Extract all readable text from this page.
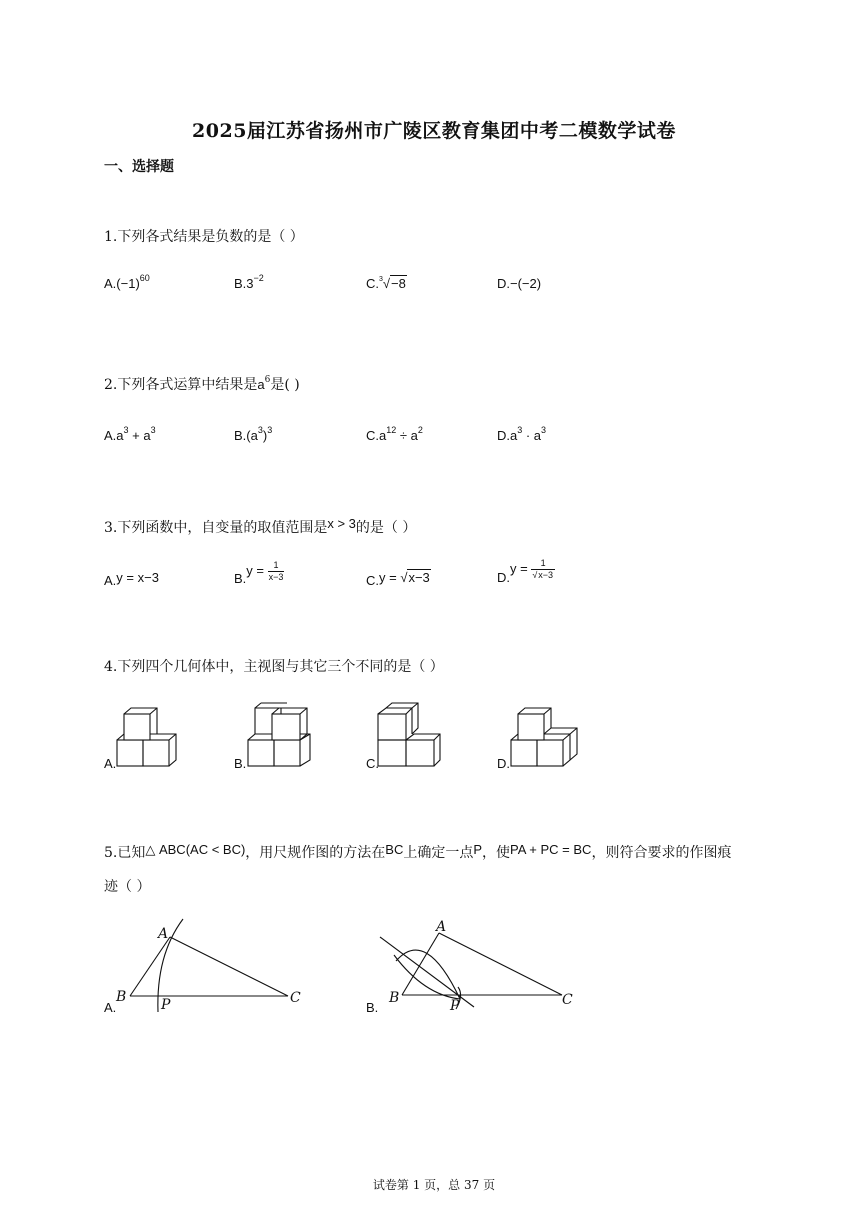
2025届江苏省扬州市广陵区教育集团中考二模数学试卷
一、选择题
1.下列各式结果是负数的是（ ）
$A.(-1)^{60}$	$B.3^{-2}$	C.$^3$√−8	D.−(−2)
2.下列各式运算中结果是$a^6$是( )
$A.a^3 + a^3$	$B.(a^3)^3$	$C.a^{12} \div a^2$	$D.a^3 \cdot a^3$
3.下列函数中，自变量的取值范围是x > 3的是（ ）
A.y = x−3	$B.y = \frac{1}{x-3}$	C.y = √x−3	$D.y = \frac{1}{√x-3}$
4.下列四个几何体中，主视图与其它三个不同的是（ ）
A.	B.	C.	D.
5.已知△ ABC(AC < BC)，用尺规作图的方法在BC上确定一点P，使PA + PC = BC，则符合要求的作图痕
迹（ ）
A.
A
B	C
P	B.
A
B	C
P
试卷第 1 页，总 37 页
